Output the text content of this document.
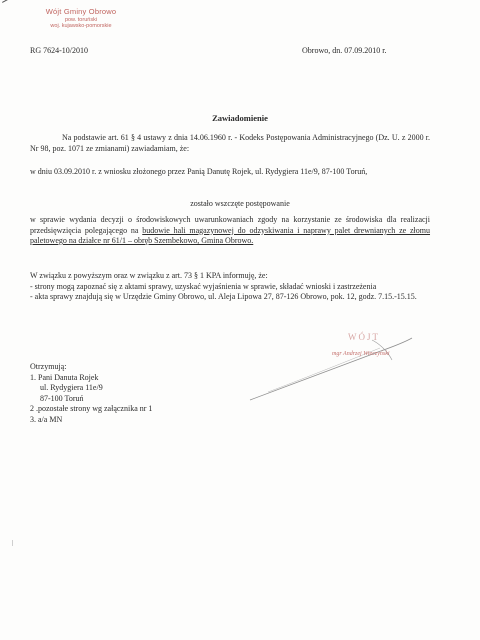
Wójt Gminy Obrowo
pow. toruński
woj. kujawsko-pomorskie
RG 7624-10/2010	Obrowo, dn. 07.09.2010 r.
Zawiadomienie

Na podstawie art. 61 § 4 ustawy z dnia 14.06.1960 r. - Kodeks Postępowania Administracyjnego (Dz. U. z 2000 r. Nr 98, poz. 1071 ze zmianami) zawiadamiam, że:

w dniu 03.09.2010 r. z wniosku złożonego przez Panią Danutę Rojek, ul. Rydygiera 11e/9, 87-100 Toruń,

zostało wszczęte postępowanie

w sprawie wydania decyzji o środowiskowych uwarunkowaniach zgody na korzystanie ze środowiska dla realizacji przedsięwzięcia polegającego na budowie hali magazynowej do odzyskiwania i naprawy palet drewnianych ze złomu paletowego na działce nr 61/1 – obręb Szembekowo, Gmina Obrowo.

W związku z powyższym oraz w związku z art. 73 § 1 KPA informuję, że:

- strony mogą zapoznać się z aktami sprawy, uzyskać wyjaśnienia w sprawie, składać wnioski i zastrzeżenia

- akta sprawy znajdują się w Urzędzie Gminy Obrowo, ul. Aleja Lipowa 27, 87-126 Obrowo, pok. 12, godz. 7.15.-15.15.

WÓJT
mgr Andrzej Wieczyński
Otrzymują:
1. Pani Danuta Rojek
ul. Rydygiera 11e/9
87-100 Toruń
2 .pozostałe strony wg załącznika nr 1
3. a/a MN
